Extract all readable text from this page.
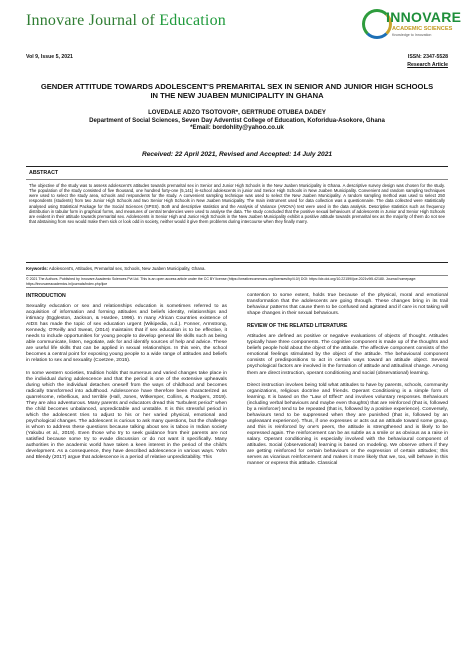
Innovare Journal of Education	INNOVARE
ACADEMIC SCIENCES
Knowledge to Innovation
Vol 9, Issue 5, 2021	ISSN: 2347-5528
Research Article
GENDER ATTITUDE TOWARDS ADOLESCENT'S PREMARITAL SEX IN SENIOR AND JUNIOR HIGH SCHOOLS IN THE NEW JUABEN MUNICIPALITY IN GHANA
LOVEDALE ADZO TSOTOVOR*, GERTRUDE OTUBEA DADEY
Department of Social Sciences, Seven Day Adventist College of Education, Koforidua-Asokore, Ghana
*Email: bordohlity@yahoo.co.uk
Received: 22 April 2021, Revised and Accepted: 14 July 2021
ABSTRACT
The objective of the study was to assess adolescent's attitudes towards premarital sex in Senior and Junior High Schools in the New Juaben Municipality in Ghana. A descriptive survey design was chosen for the study. The population of the study consisted of five thousand, one hundred forty-one (5,141) in-school adolescents in junior and Senior High Schools in New Juaben Municipality. Convenient and random sampling techniques were used to select the study area, schools and respondents for the study. A convenient sampling technique was used to select the New Juaben Municipality. A random sampling method was used to select 250 respondents (students) from two Junior High Schools and two Senior High Schools in New Juaben Municipality. The main instrument used for data collection was a questionnaire. The data collected were statistically analysed using Statistical Package for the Social Sciences (SPSS). Both and descriptive statistics and the Analysis of Variance (ANOVA) test were used in the data analysis. Descriptive statistics such as frequency distribution in tabular form in graphical forms, and measures of central tendencies were used to analyse the data. The study concluded that the positive sexual behaviours of adolescents in Junior and Senior High Schools are evident in their attitude towards premarital sex. Adolescents in Senior High and Junior High Schools in the New Juaben Municipality exhibit a positive attitude towards premarital sex as the majority of them do not see that abstaining from sex would make them sick or look odd in society, neither would it give them problems during intercourse when they finally marry.
Keywords: Adolescent's, Attitudes, Premarital sex, Schools, New Juaben Municipality, Ghana.
© 2021 The Authors. Published by Innovare Academic Sciences Pvt Ltd. This is an open access article under the CC BY license (https://creativecommons.org/licenses/by/4.0/) DOI: https://dx.doi.org/10.22159/ijoe.2021v9i5.42180. Journal homepage: https://innovareacademics.in/journals/index.php/ijoe
INTRODUCTION

Sexuality education or sex and relationships education is sometimes referred to as acquisition of information and forming attitudes and beliefs identity, relationships and intimacy (Eggleston, Jackson, & Hardee, 1996). In many African Countries existence of AIDS has made the topic of sex education urgent (Wikipedia, n.d.). Fonner, Armstrong, Kennedy, O'Reilly and Sweat, (2014) maintains that if sex education is to be effective, it needs to include opportunities for young people to develop general life skills such as being able communicate, listen, negotiate, ask for and identify sources of help and advice. These are useful life skills that can be applied in sexual relationships. In this vein, the school becomes a central point for exposing young people to a wide range of attitudes and beliefs in relation to sex and sexuality (Coetzee, 2015).

In some western societies, tradition holds that numerous and varied changes take place in the individual during adolescence and that the period is one of the extensive upheavals during which the individual detaches oneself from the ways of childhood and becomes radically transformed into adulthood. Adolescence have therefore been characterized as quarrelsome, rebellious, and terrible (Hall, Jones, Witkemper, Collins, & Rodgers, 2019). They are also adventurous. Many parents and educators dread this "turbulent period" when the child becomes unbalanced, unpredictable and unstable. It is this stressful period in which the adolescent tries to adjust to his or her varied physical, emotional and psychological changes. The adolescent is curious to ask many questions, but the challenge is whom to address these questions because talking about sex is taboo in Indian society (Yakubu et al., 2019). Even those who try to seek guidance from their parents are not satisfied because some try to evade discussion or do not want it specifically. Many authorities in the academic world have taken a keen interest in the period of the child's development. As a consequence, they have described adolescence in various ways. Yohn and Blendy (2017) argue that adolescence is a period of relative unpredictability. This

contention to some extent, holds true because of the physical, moral and emotional transformation that the adolescents are going through. These changes bring in its trail behaviour patterns that cause them to be confused and agitated and if care is not taking will shape changes in their sexual behaviours.

REVIEW OF THE RELATED LITERATURE

Attitudes are defined as positive or negative evaluations of objects of thought. Attitudes typically have three components. The cognitive component is made up of the thoughts and beliefs people hold about the object of the attitude. The affective component consists of the emotional feelings stimulated by the object of the attitude. The behavioural component consists of predispositions to act in certain ways toward an attitude object. Several psychological factors are involved in the formation of attitude and attitudinal change. Among them are direct instruction, operant conditioning and social (observational) learning.

Direct instruction involves being told what attitudes to have by parents, schools, community organizations, religious doctrine and friends. Operant Conditioning is a simple form of learning. It is based on the "Law of Effect" and involves voluntary responses. Behaviours (including verbal behaviours and maybe even thoughts) that are reinforced (that is, followed by a reinforcer) tend to be repeated (that is, followed by a positive experience). Conversely, behaviours tend to be suppressed when they are punished (that is, followed by an unpleasant experience). Thus, if one expresses or acts out an attitude toward some group, and this is reinforced by one's peers, the attitude is strengthened and is likely to be expressed again. The reinforcement can be as subtle as a smile or as obvious as a raise in salary. Operant conditioning is especially involved with the behavioural component of attitudes. Social (observational) learning is based on modeling. We observe others if they are getting reinforced for certain behaviours or the expression of certain attitudes; this serves as vicarious reinforcement and makes it more likely that we, too, will behave in this manner or express this attitude. Classical
